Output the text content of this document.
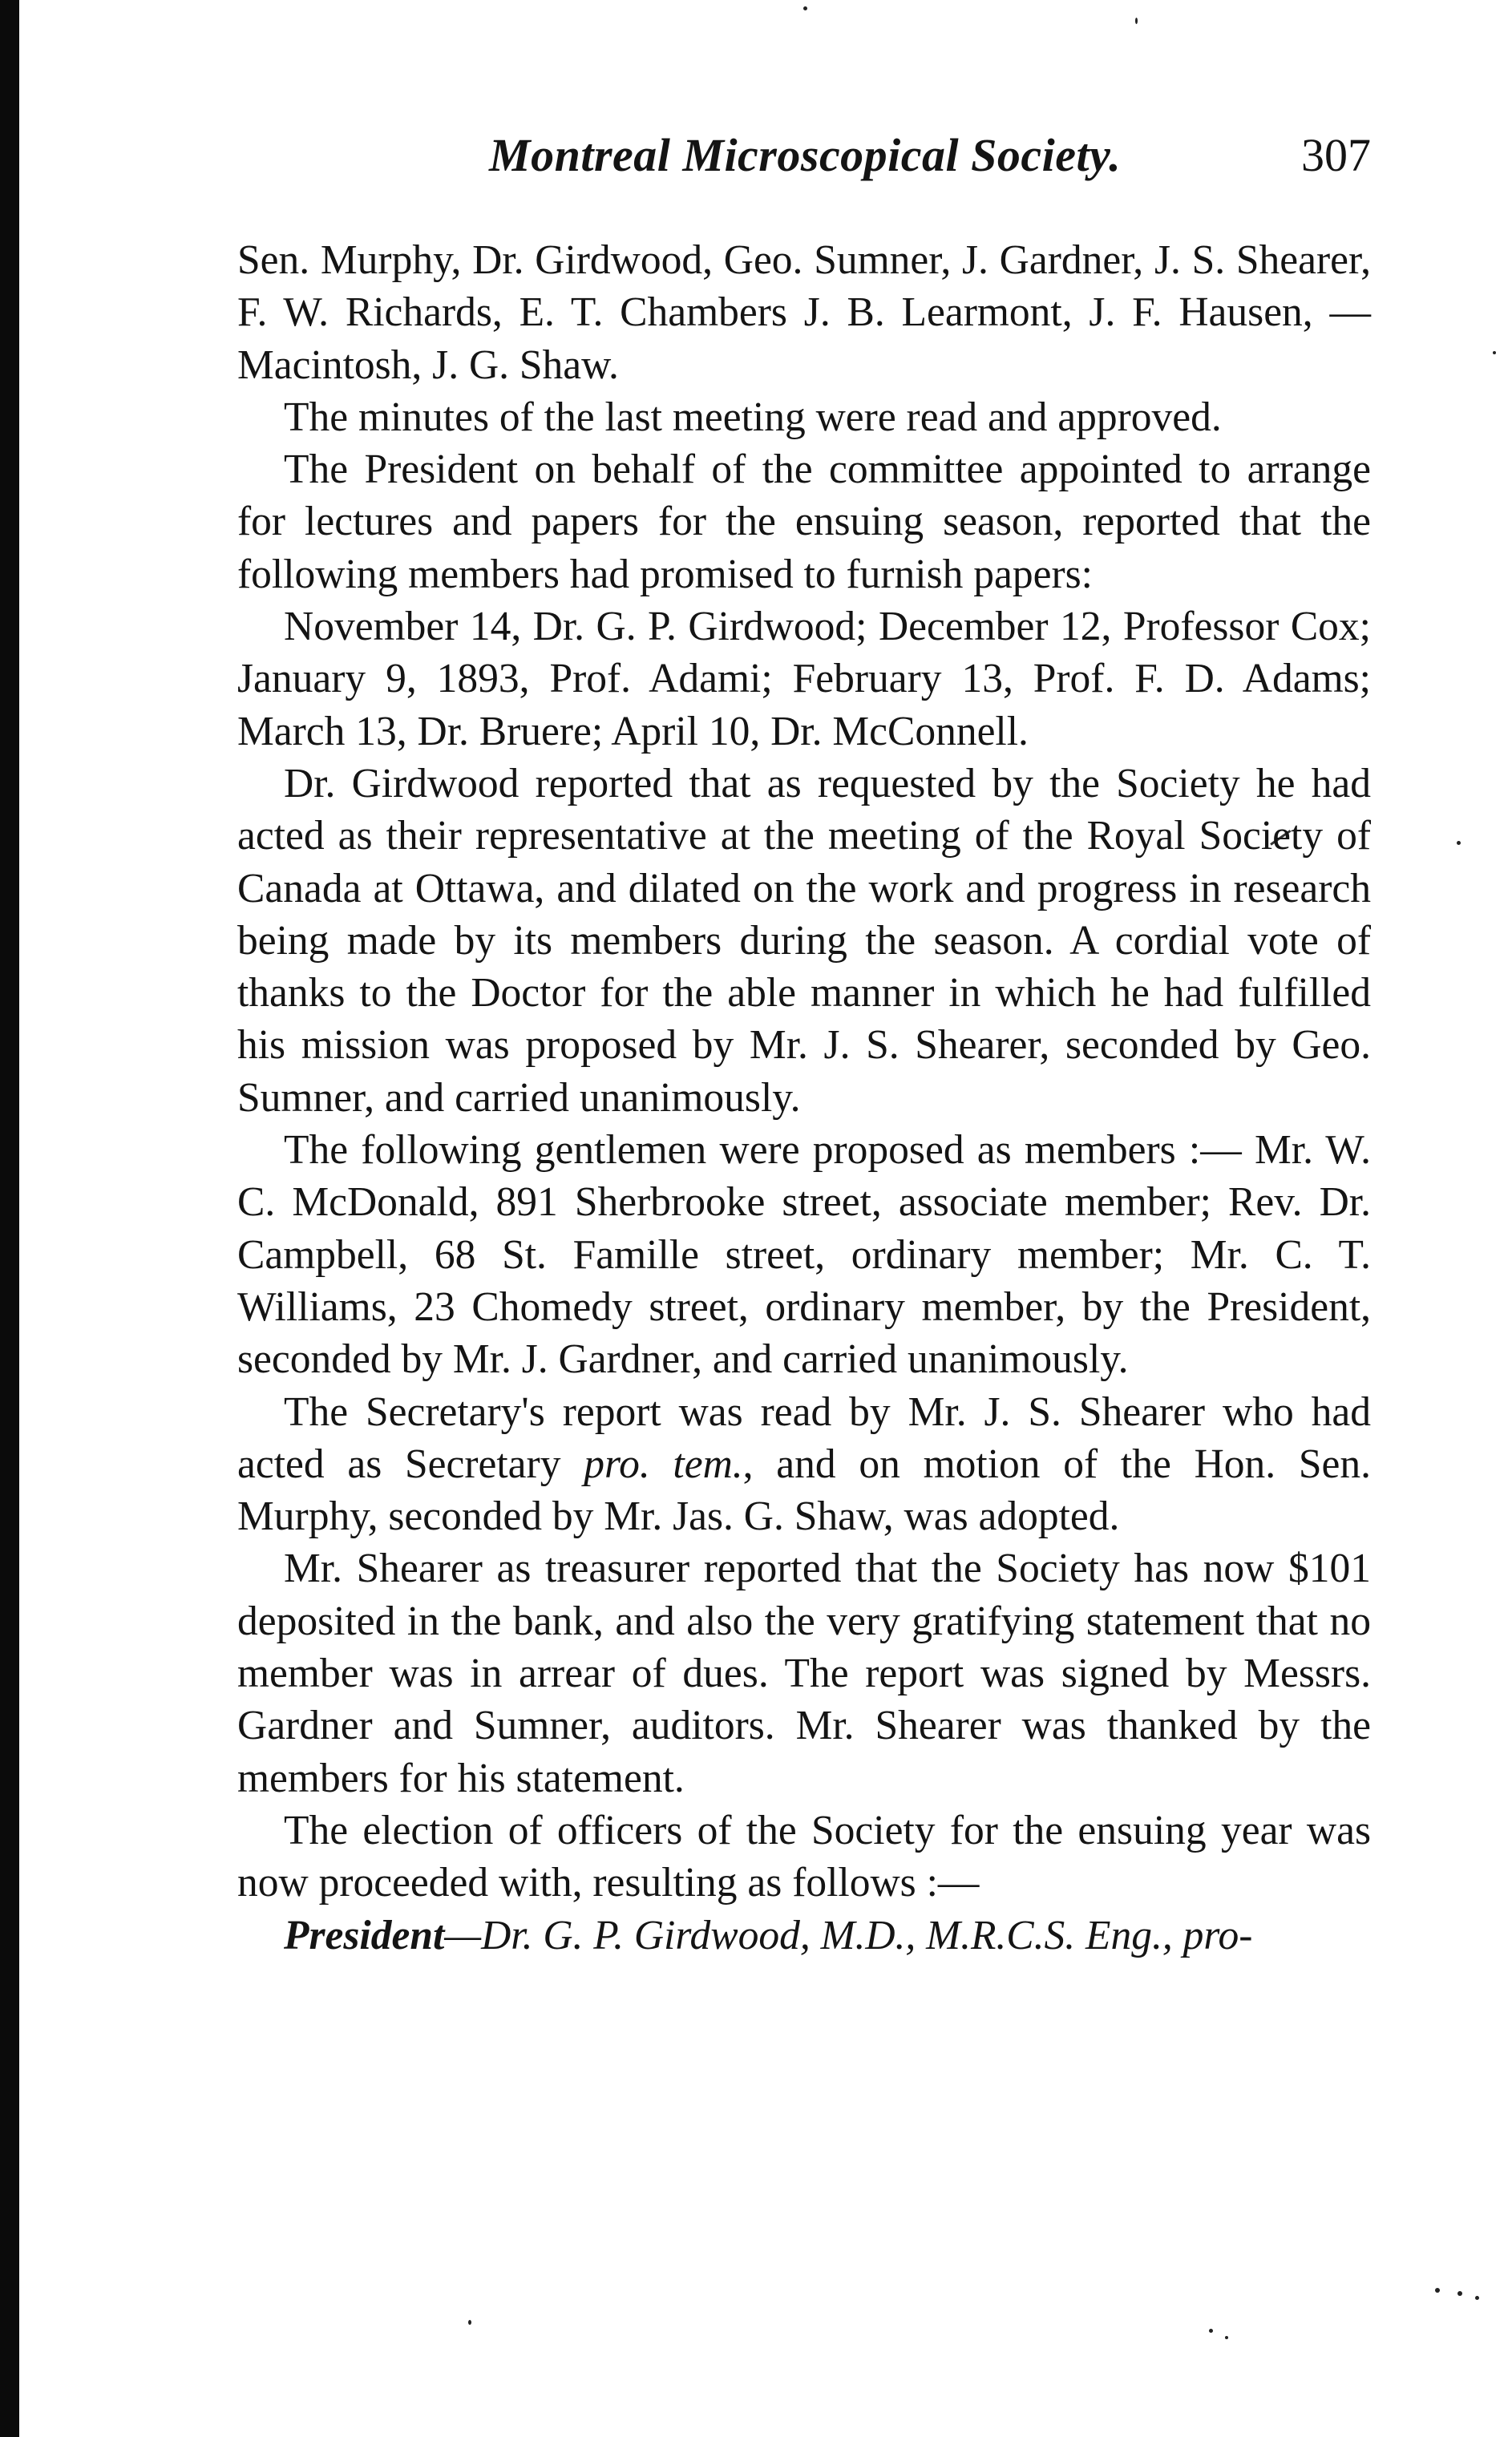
Montreal Microscopical Society.	307

Sen. Murphy, Dr. Girdwood, Geo. Sumner, J. Gardner, J. S. Shearer, F. W. Richards, E. T. Chambers J. B. Learmont, J. F. Hausen, — Macintosh, J. G. Shaw.

The minutes of the last meeting were read and approved.

The President on behalf of the committee appointed to arrange for lectures and papers for the ensuing season, reported that the following members had promised to furnish papers:

November 14, Dr. G. P. Girdwood; December 12, Professor Cox; January 9, 1893, Prof. Adami; February 13, Prof. F. D. Adams; March 13, Dr. Bruere; April 10, Dr. McConnell.

Dr. Girdwood reported that as requested by the Society he had acted as their representative at the meeting of the Royal Society of Canada at Ottawa, and dilated on the work and progress in research being made by its members during the season. A cordial vote of thanks to the Doctor for the able manner in which he had fulfilled his mission was proposed by Mr. J. S. Shearer, seconded by Geo. Sumner, and carried unanimously.

The following gentlemen were proposed as members :— Mr. W. C. McDonald, 891 Sherbrooke street, associate member; Rev. Dr. Campbell, 68 St. Famille street, ordinary member; Mr. C. T. Williams, 23 Chomedy street, ordinary member, by the President, seconded by Mr. J. Gardner, and carried unanimously.

The Secretary's report was read by Mr. J. S. Shearer who had acted as Secretary pro. tem., and on motion of the Hon. Sen. Murphy, seconded by Mr. Jas. G. Shaw, was adopted.

Mr. Shearer as treasurer reported that the Society has now $101 deposited in the bank, and also the very gratifying statement that no member was in arrear of dues. The report was signed by Messrs. Gardner and Sumner, auditors. Mr. Shearer was thanked by the members for his statement.

The election of officers of the Society for the ensuing year was now proceeded with, resulting as follows :—

President—Dr. G. P. Girdwood, M.D., M.R.C.S. Eng., pro-
